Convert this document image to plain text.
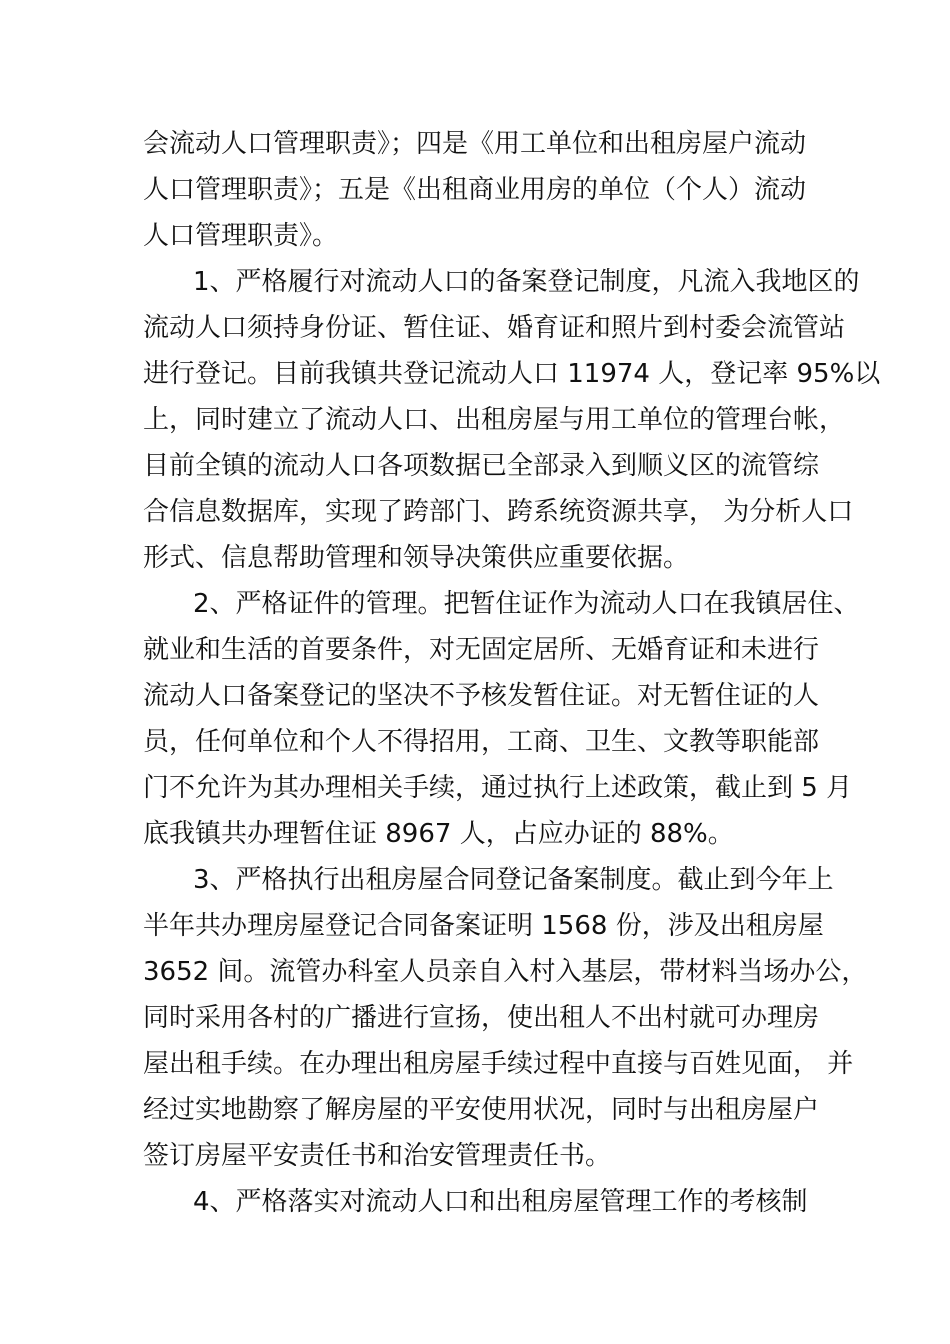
会流动人口管理职责》；四是《用工单位和出租房屋户流动
人口管理职责》；五是《出租商业用房的单位（个人）流动
人口管理职责》。
1、严格履行对流动人口的备案登记制度，凡流入我地区的
流动人口须持身份证、暂住证、婚育证和照片到村委会流管站
进行登记。目前我镇共登记流动人口 11974 人，登记率 95%以
上，同时建立了流动人口、出租房屋与用工单位的管理台帐，
目前全镇的流动人口各项数据已全部录入到顺义区的流管综
合信息数据库，实现了跨部门、跨系统资源共享， 为分析人口
形式、信息帮助管理和领导决策供应重要依据。
2、严格证件的管理。把暂住证作为流动人口在我镇居住、
就业和生活的首要条件，对无固定居所、无婚育证和未进行
流动人口备案登记的坚决不予核发暂住证。对无暂住证的人
员，任何单位和个人不得招用，工商、卫生、文教等职能部
门不允许为其办理相关手续，通过执行上述政策，截止到 5 月
底我镇共办理暂住证 8967 人，占应办证的 88%。
3、严格执行出租房屋合同登记备案制度。截止到今年上
半年共办理房屋登记合同备案证明 1568 份，涉及出租房屋
3652 间。流管办科室人员亲自入村入基层，带材料当场办公，
同时采用各村的广播进行宣扬，使出租人不出村就可办理房
屋出租手续。在办理出租房屋手续过程中直接与百姓见面， 并
经过实地勘察了解房屋的平安使用状况，同时与出租房屋户
签订房屋平安责任书和治安管理责任书。
4、严格落实对流动人口和出租房屋管理工作的考核制
